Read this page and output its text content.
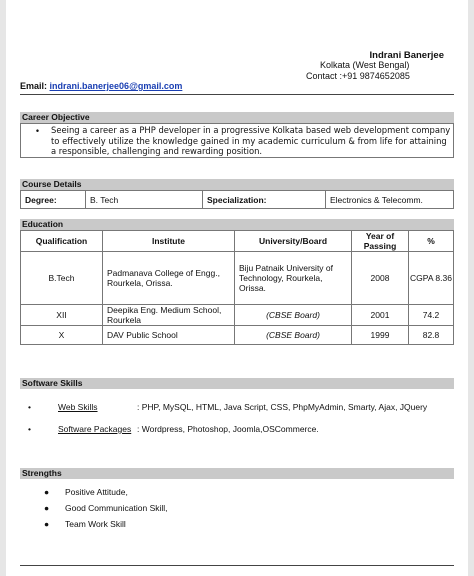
Indrani Banerjee
Kolkata (West Bengal)
Contact :+91 9874652085
Email: indrani.banerjee06@gmail.com
Career Objective
• Seeing a career as a PHP developer in a progressive Kolkata based web development company to effectively utilize the knowledge gained in my academic curriculum & from life for attaining a responsible, challenging and rewarding position.
Course Details
Degree:	B. Tech	Specialization:	Electronics & Telecomm.
Education
Qualification	Institute	University/Board	Year of Passing	%
B.Tech	Padmanava College of Engg., Rourkela, Orissa.	Biju Patnaik University of Technology, Rourkela, Orissa.	2008	CGPA 8.36
XII	Deepika Eng. Medium School, Rourkela	(CBSE Board)	2001	74.2
X	DAV Public School	(CBSE Board)	1999	82.8
Software Skills
•	Web Skills	: PHP, MySQL, HTML, Java Script, CSS, PhpMyAdmin, Smarty, Ajax, JQuery
•	Software Packages : Wordpress, Photoshop, Joomla,OSCommerce.
Strengths
● Positive Attitude,
● Good Communication Skill,
● Team Work Skill
